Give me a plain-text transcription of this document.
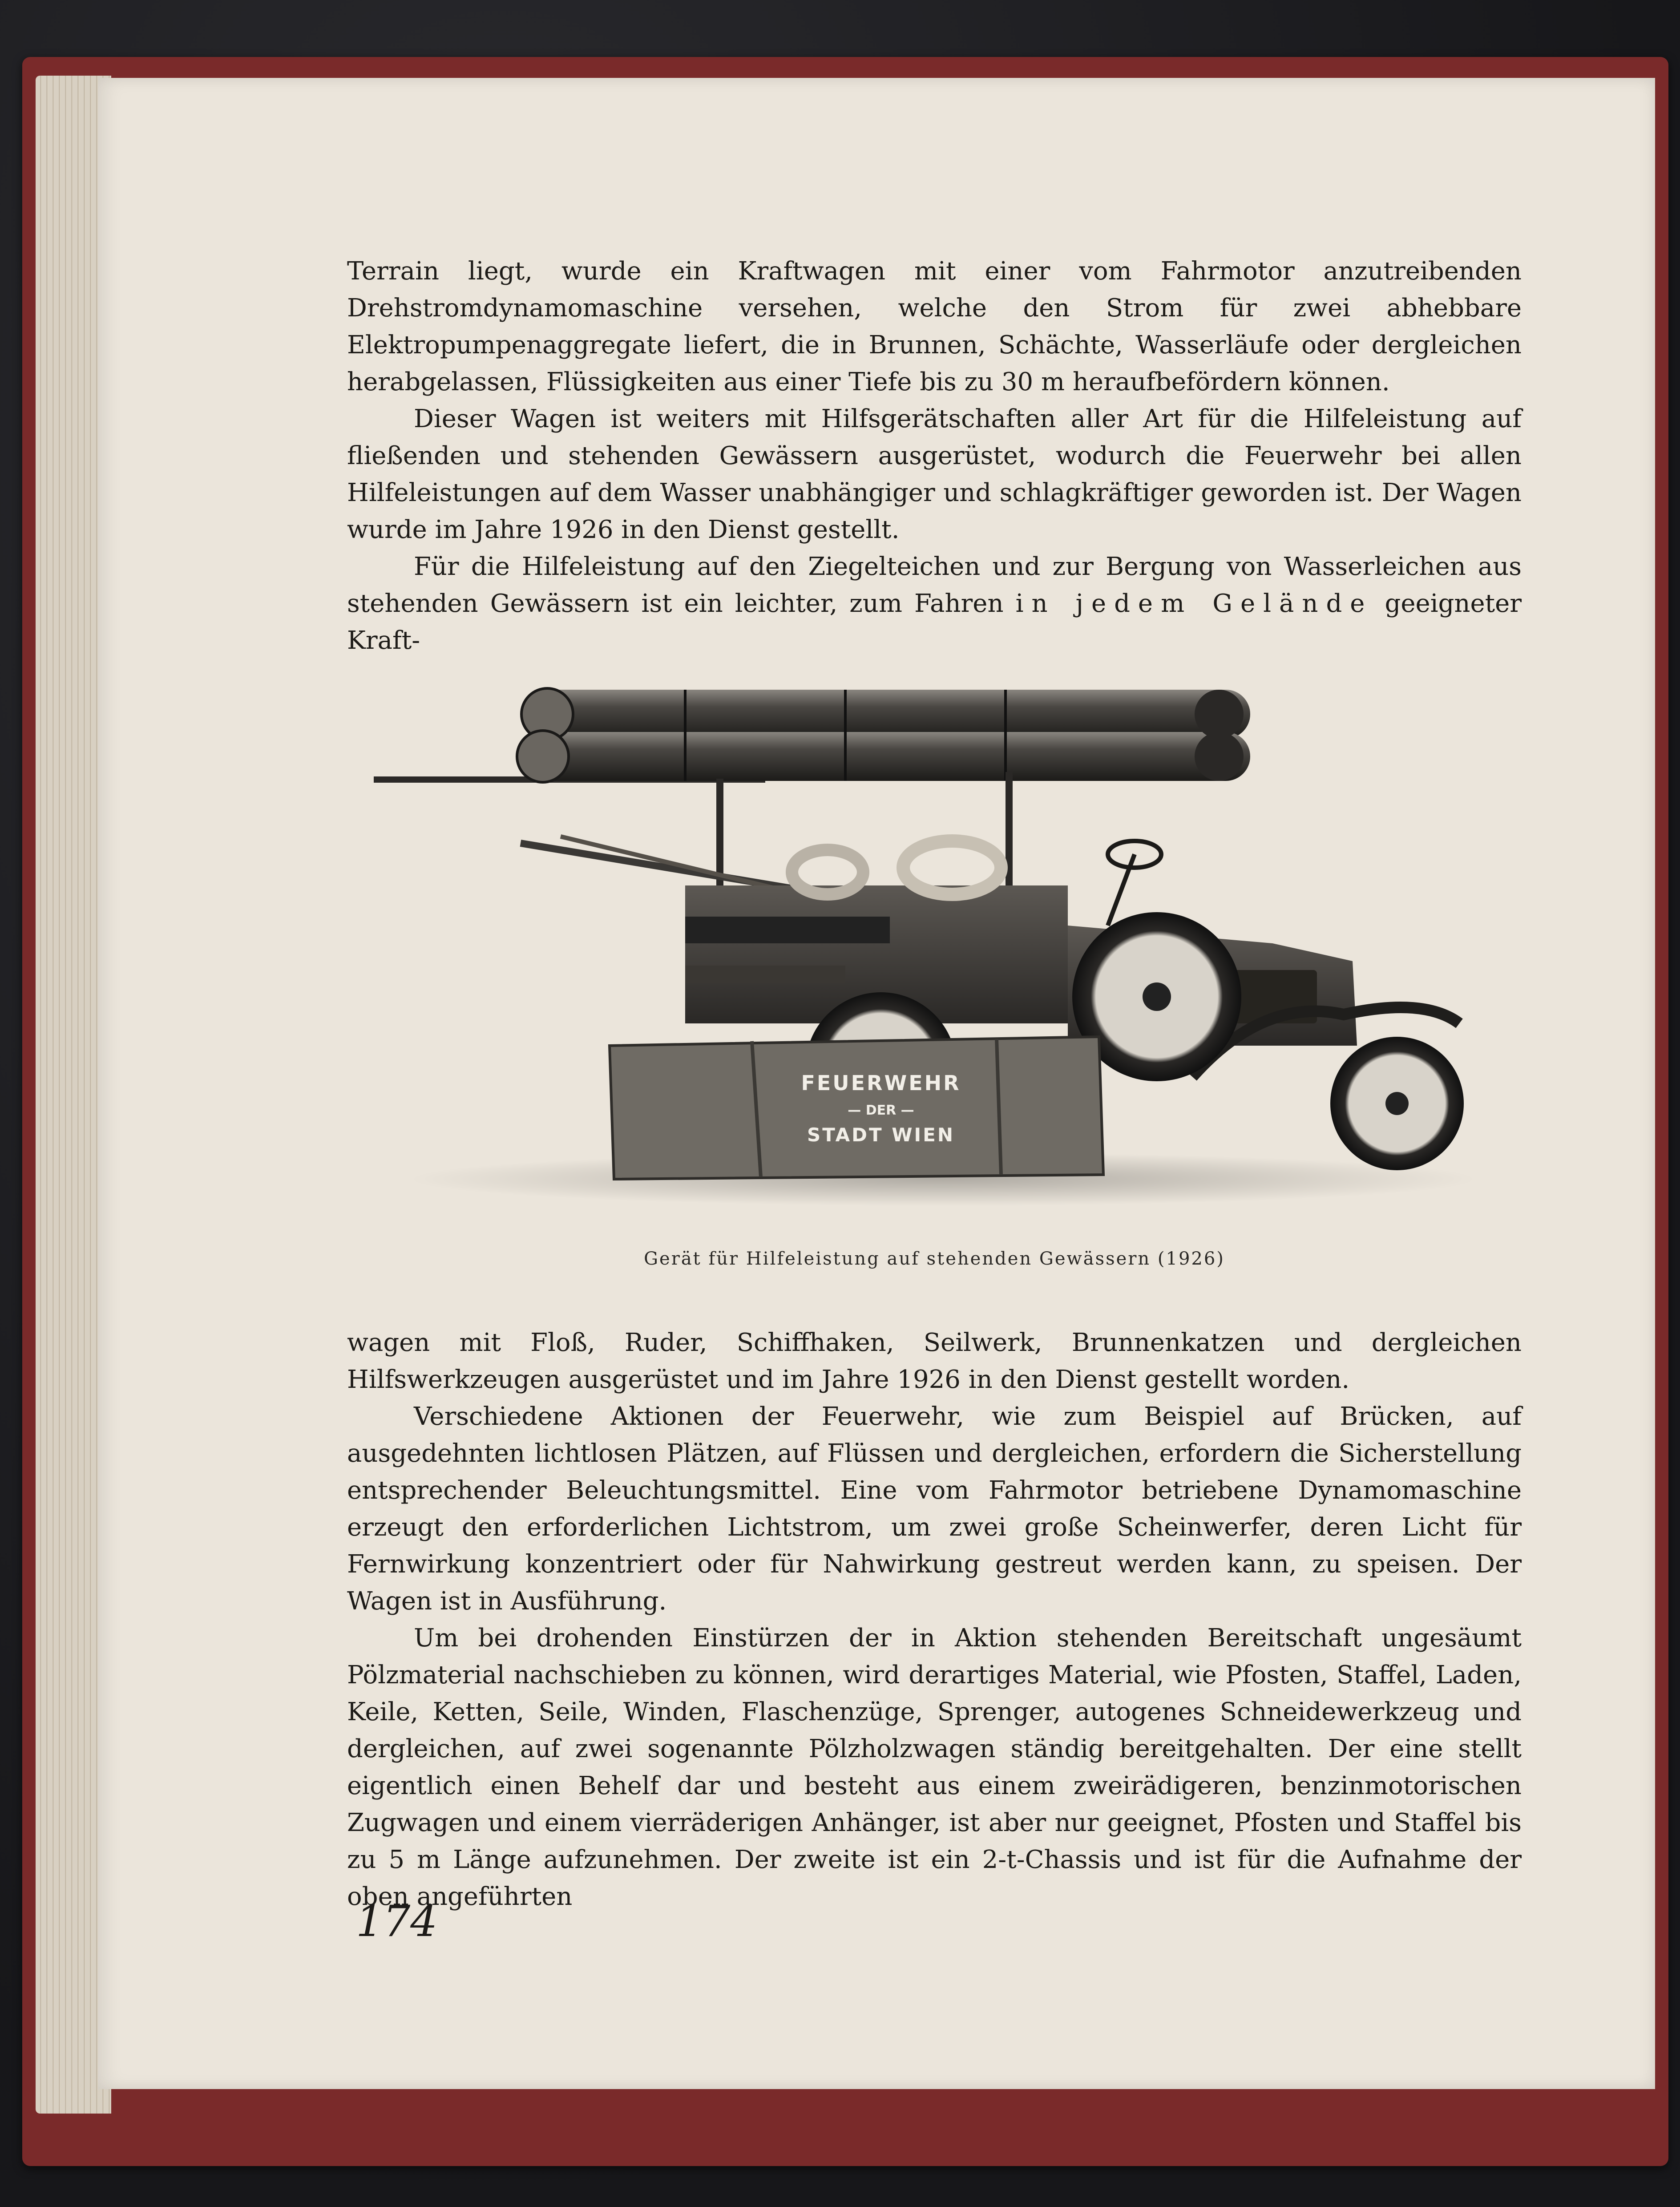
Terrain liegt, wurde ein Kraftwagen mit einer vom Fahrmotor anzutreibenden Drehstromdynamomaschine versehen, welche den Strom für zwei abhebbare Elektropumpenaggregate liefert, die in Brunnen, Schächte, Wasserläufe oder dergleichen herabgelassen, Flüssigkeiten aus einer Tiefe bis zu 30 m heraufbefördern können.

Dieser Wagen ist weiters mit Hilfsgerätschaften aller Art für die Hilfeleistung auf fließenden und stehenden Gewässern ausgerüstet, wodurch die Feuerwehr bei allen Hilfeleistungen auf dem Wasser unabhängiger und schlagkräftiger geworden ist. Der Wagen wurde im Jahre 1926 in den Dienst gestellt.

Für die Hilfeleistung auf den Ziegelteichen und zur Bergung von Wasserleichen aus stehenden Gewässern ist ein leichter, zum Fahren in jedem Gelände geeigneter Kraft-

FEUERWEHR
— DER —
STADT WIEN
Gerät für Hilfeleistung auf stehenden Gewässern (1926)

wagen mit Floß, Ruder, Schiffhaken, Seilwerk, Brunnenkatzen und dergleichen Hilfswerkzeugen ausgerüstet und im Jahre 1926 in den Dienst gestellt worden.

Verschiedene Aktionen der Feuerwehr, wie zum Beispiel auf Brücken, auf ausgedehnten lichtlosen Plätzen, auf Flüssen und dergleichen, erfordern die Sicherstellung entsprechender Beleuchtungsmittel. Eine vom Fahrmotor betriebene Dynamomaschine erzeugt den erforderlichen Lichtstrom, um zwei große Scheinwerfer, deren Licht für Fernwirkung konzentriert oder für Nahwirkung gestreut werden kann, zu speisen. Der Wagen ist in Ausführung.

Um bei drohenden Einstürzen der in Aktion stehenden Bereitschaft ungesäumt Pölzmaterial nachschieben zu können, wird derartiges Material, wie Pfosten, Staffel, Laden, Keile, Ketten, Seile, Winden, Flaschenzüge, Sprenger, autogenes Schneidewerkzeug und dergleichen, auf zwei sogenannte Pölzholzwagen ständig bereitgehalten. Der eine stellt eigentlich einen Behelf dar und besteht aus einem zweirädigeren, benzinmotorischen Zugwagen und einem vierräderigen Anhänger, ist aber nur geeignet, Pfosten und Staffel bis zu 5 m Länge aufzunehmen. Der zweite ist ein 2-t-Chassis und ist für die Aufnahme der oben angeführten

174
